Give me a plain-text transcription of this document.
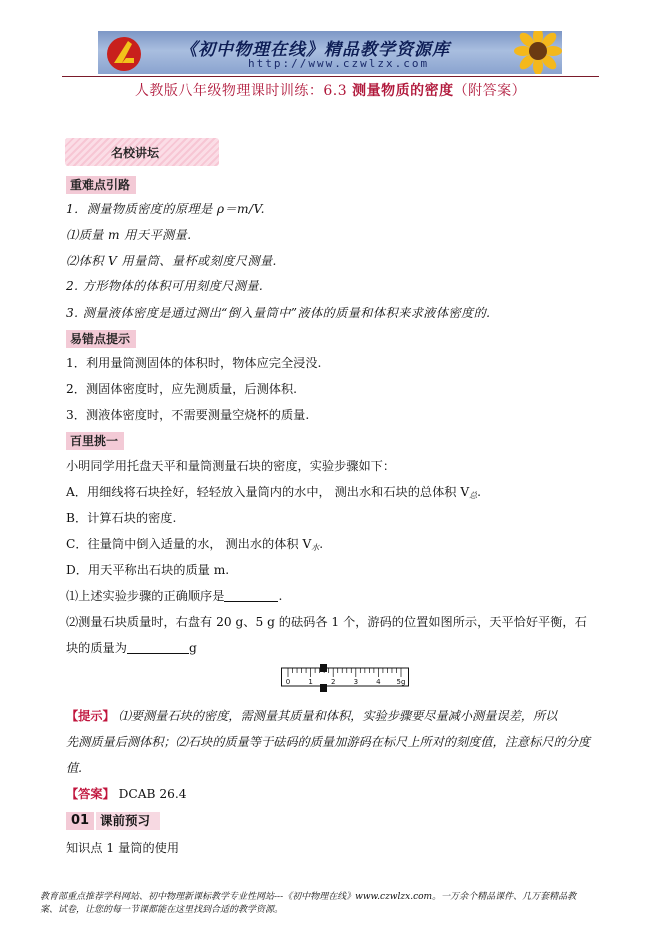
《初中物理在线》精品教学资源库
http://www.czwlzx.com
人教版八年级物理课时训练：6.3 测量物质的密度（附答案）
名校讲坛
重难点引路
1．测量物质密度的原理是 ρ＝m/V.
⑴质量 m 用天平测量.
⑵体积 V 用量筒、量杯或刻度尺测量.
2. 方形物体的体积可用刻度尺测量.
3. 测量液体密度是通过测出“倒入量筒中”液体的质量和体积来求液体密度的.
易错点提示
1．利用量筒测固体的体积时，物体应完全浸没.
2．测固体密度时，应先测质量，后测体积.
3．测液体密度时，不需要测量空烧杯的质量.
百里挑一
小明同学用托盘天平和量筒测量石块的密度，实验步骤如下：
A．用细线将石块拴好，轻轻放入量筒内的水中， 测出水和石块的总体积 $V_总$.
B．计算石块的密度.
C．往量筒中倒入适量的水， 测出水的体积 $V_水$.
D．用天平称出石块的质量 m.
⑴上述实验步骤的正确顺序是	.
⑵测量石块质量时，右盘有 20 g、5 g 的砝码各 1 个，游码的位置如图所示，天平恰好平衡，石
块的质量为	g
0	1	2	3	4 5g
【提示】 ⑴要测量石块的密度，需测量其质量和体积，实验步骤要尽量减小测量误差，所以
先测质量后测体积；⑵石块的质量等于砝码的质量加游码在标尺上所对的刻度值，注意标尺的分度
值.
【答案】 DCAB 26.4
01 课前预习
知识点 1 量筒的使用
教育部重点推荐学科网站、初中物理新课标教学专业性网站---《初中物理在线》www.czwlzx.com。一万余个精品课件、几万套精品教
案、试卷，让您的每一节课都能在这里找到合适的教学资源。
